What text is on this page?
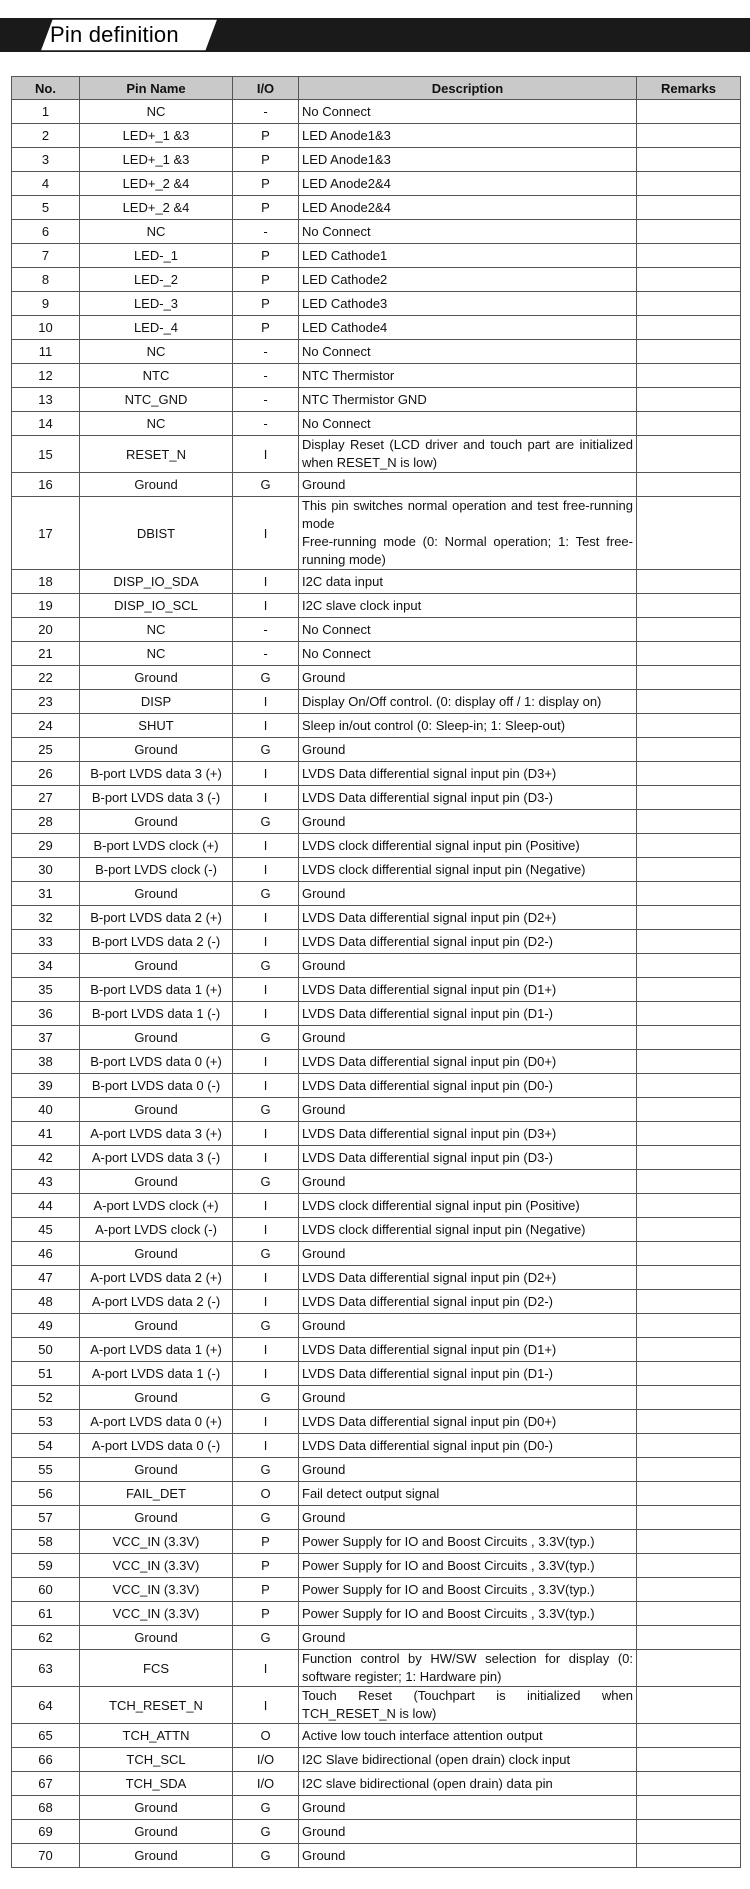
Pin definition
No.	Pin Name	I/O	Description	Remarks
1	NC	-	No Connect	
2	LED+_1 &3	P	LED Anode1&3	
3	LED+_1 &3	P	LED Anode1&3	
4	LED+_2 &4	P	LED Anode2&4	
5	LED+_2 &4	P	LED Anode2&4	
6	NC	-	No Connect	
7	LED-_1	P	LED Cathode1	
8	LED-_2	P	LED Cathode2	
9	LED-_3	P	LED Cathode3	
10	LED-_4	P	LED Cathode4	
11	NC	-	No Connect	
12	NTC	-	NTC Thermistor	
13	NTC_GND	-	NTC Thermistor GND	
14	NC	-	No Connect	
15	RESET_N	I	Display Reset (LCD driver and touch part are initialized when RESET_N is low)	
16	Ground	G	Ground	
17	DBIST	I	This pin switches normal operation and test free-running mode
Free-running mode (0: Normal operation; 1: Test free-running mode)	
18	DISP_IO_SDA	I	I2C data input	
19	DISP_IO_SCL	I	I2C slave clock input	
20	NC	-	No Connect	
21	NC	-	No Connect	
22	Ground	G	Ground	
23	DISP	I	Display On/Off control. (0: display off / 1: display on)	
24	SHUT	I	Sleep in/out control (0: Sleep-in; 1: Sleep-out)	
25	Ground	G	Ground	
26	B-port LVDS data 3 (+)	I	LVDS Data differential signal input pin (D3+)	
27	B-port LVDS data 3 (-)	I	LVDS Data differential signal input pin (D3-)	
28	Ground	G	Ground	
29	B-port LVDS clock (+)	I	LVDS clock differential signal input pin (Positive)	
30	B-port LVDS clock (-)	I	LVDS clock differential signal input pin (Negative)	
31	Ground	G	Ground	
32	B-port LVDS data 2 (+)	I	LVDS Data differential signal input pin (D2+)	
33	B-port LVDS data 2 (-)	I	LVDS Data differential signal input pin (D2-)	
34	Ground	G	Ground	
35	B-port LVDS data 1 (+)	I	LVDS Data differential signal input pin (D1+)	
36	B-port LVDS data 1 (-)	I	LVDS Data differential signal input pin (D1-)	
37	Ground	G	Ground	
38	B-port LVDS data 0 (+)	I	LVDS Data differential signal input pin (D0+)	
39	B-port LVDS data 0 (-)	I	LVDS Data differential signal input pin (D0-)	
40	Ground	G	Ground	
41	A-port LVDS data 3 (+)	I	LVDS Data differential signal input pin (D3+)	
42	A-port LVDS data 3 (-)	I	LVDS Data differential signal input pin (D3-)	
43	Ground	G	Ground	
44	A-port LVDS clock (+)	I	LVDS clock differential signal input pin (Positive)	
45	A-port LVDS clock (-)	I	LVDS clock differential signal input pin (Negative)	
46	Ground	G	Ground	
47	A-port LVDS data 2 (+)	I	LVDS Data differential signal input pin (D2+)	
48	A-port LVDS data 2 (-)	I	LVDS Data differential signal input pin (D2-)	
49	Ground	G	Ground	
50	A-port LVDS data 1 (+)	I	LVDS Data differential signal input pin (D1+)	
51	A-port LVDS data 1 (-)	I	LVDS Data differential signal input pin (D1-)	
52	Ground	G	Ground	
53	A-port LVDS data 0 (+)	I	LVDS Data differential signal input pin (D0+)	
54	A-port LVDS data 0 (-)	I	LVDS Data differential signal input pin (D0-)	
55	Ground	G	Ground	
56	FAIL_DET	O	Fail detect output signal	
57	Ground	G	Ground	
58	VCC_IN (3.3V)	P	Power Supply for IO and Boost Circuits , 3.3V(typ.)	
59	VCC_IN (3.3V)	P	Power Supply for IO and Boost Circuits , 3.3V(typ.)	
60	VCC_IN (3.3V)	P	Power Supply for IO and Boost Circuits , 3.3V(typ.)	
61	VCC_IN (3.3V)	P	Power Supply for IO and Boost Circuits , 3.3V(typ.)	
62	Ground	G	Ground	
63	FCS	I	Function control by HW/SW selection for display (0: software register; 1: Hardware pin)	
64	TCH_RESET_N	I	Touch Reset (Touchpart is initialized when TCH_RESET_N is low)	
65	TCH_ATTN	O	Active low touch interface attention output	
66	TCH_SCL	I/O	I2C Slave bidirectional (open drain) clock input	
67	TCH_SDA	I/O	I2C slave bidirectional (open drain) data pin	
68	Ground	G	Ground	
69	Ground	G	Ground	
70	Ground	G	Ground	
